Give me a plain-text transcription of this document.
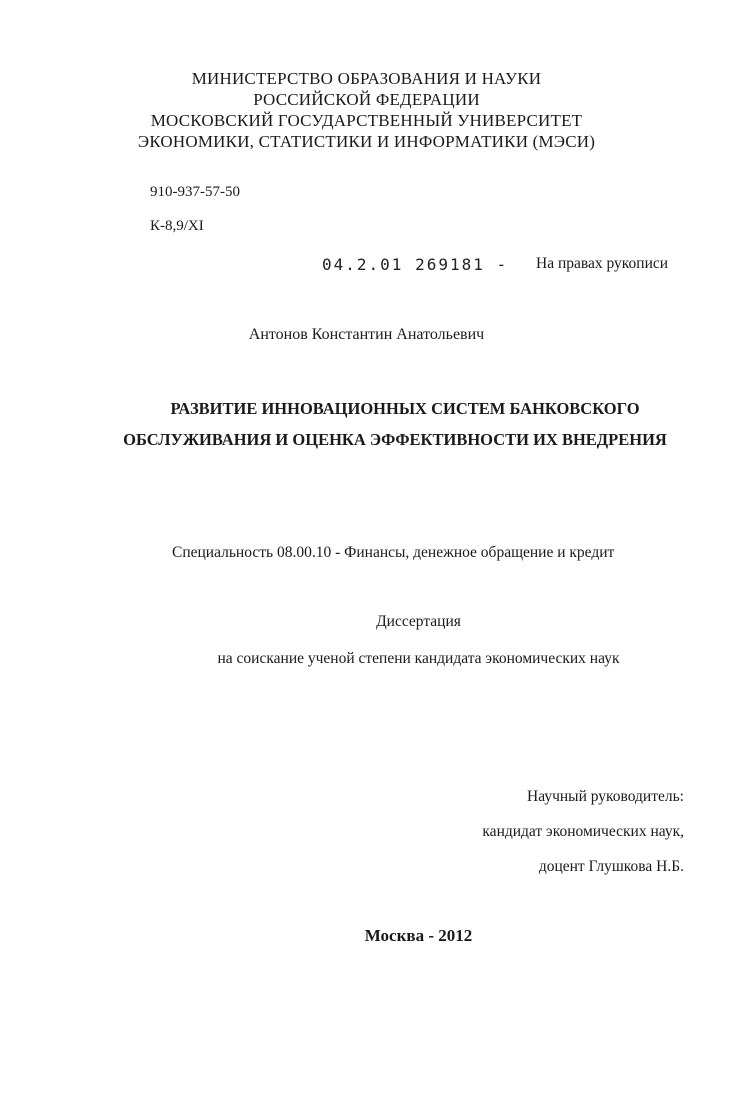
МИНИСТЕРСТВО ОБРАЗОВАНИЯ И НАУКИ
РОССИЙСКОЙ ФЕДЕРАЦИИ
МОСКОВСКИЙ ГОСУДАРСТВЕННЫЙ УНИВЕРСИТЕТ
ЭКОНОМИКИ, СТАТИСТИКИ И ИНФОРМАТИКИ (МЭСИ)
910-937-57-50
К-8,9/XI
04.2.01 269181 - На правах рукописи
Антонов Константин Анатольевич
РАЗВИТИЕ ИННОВАЦИОННЫХ СИСТЕМ БАНКОВСКОГО
ОБСЛУЖИВАНИЯ И ОЦЕНКА ЭФФЕКТИВНОСТИ ИХ ВНЕДРЕНИЯ
Специальность 08.00.10 - Финансы, денежное обращение и кредит
Диссертация
на соискание ученой степени кандидата экономических наук
Научный руководитель:
кандидат экономических наук,
доцент Глушкова Н.Б.
Москва - 2012
